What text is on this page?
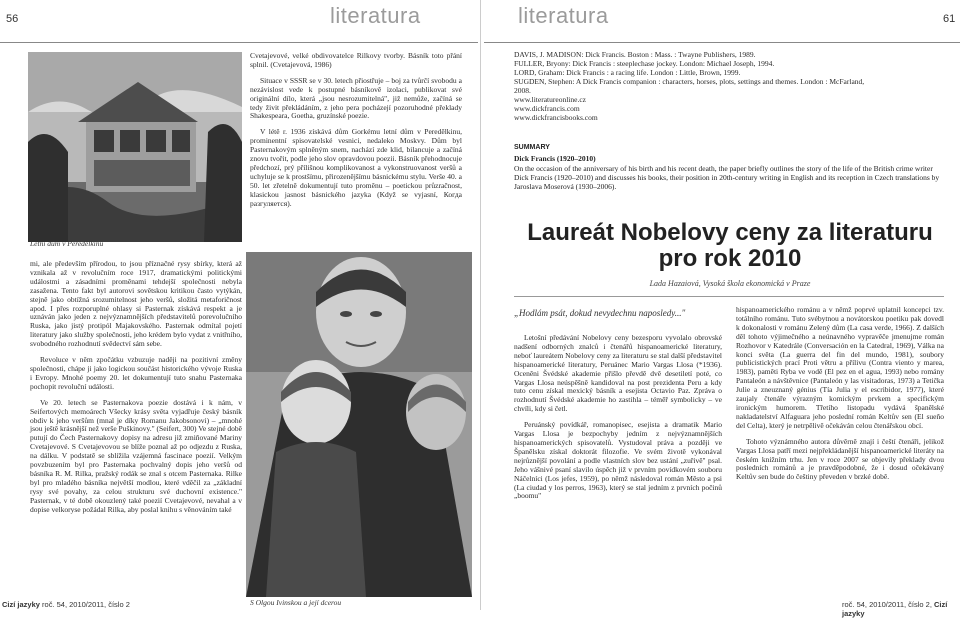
56	literatura	literatura	61
Letní dům v Peredělkinu

mi, ale především přírodou, to jsou příznačné rysy sbírky, která až vznikala až v revolučním roce 1917, dramatickými politickými událostmi a zásadními proměnami tehdejší společnosti nebyla zasažena. Tento fakt byl autorovi sovětskou kritikou často vytýkán, stejně jako obtížná srozumitelnost jeho veršů, složitá metaforičnost apod. I přes rozporuplné ohlasy si Pasternak získává respekt a je uznáván jako jeden z nejvýznamnějších představitelů porevolučního Ruska, jako jistý protipól Majakovského. Pasternak odmítal pojetí literatury jako služby společnosti, jeho krédem bylo vydat z vnitřního, svobodného rozhodnutí svědectví sám sebe.

Revoluce v něm zpočátku vzbuzuje naději na pozitivní změny společnosti, chápe ji jako logickou součást historického vývoje Ruska i Evropy. Mnohé poemy 20. let dokumentují tuto snahu Pasternaka pochopit revoluční události.

Ve 20. letech se Pasternakova poezie dostává i k nám, v Seifertových memoárech Všecky krásy světa vyjadřuje český básník obdiv k jeho veršům (mnal je díky Romanu Jakobsonovi) – „mnohé jsou ještě krásnější než verše Puškinovy." (Seifert, 300) Ve stejné době putují do Čech Pasternakovy dopisy na adresu již zmiňované Mariny Cvetajevové. S Cvetajevovou se blíže poznal až po odjezdu z Ruska, na dálku. V podstatě se sblížila vzájemná fascinace poezií. Velkým povzbuzením byl pro Pasternaka pochvalný dopis jeho veršů od básníka R. M. Rilka, pražský rodák se znal s otcem Pasternaka. Rilke byl pro mladého básníka největší modlou, které vděčil za „základní rysy své povahy, za celou strukturu své duchovní existence." Pasternak, v té době okouzlený také poezií Cvetajevové, nevahal a v dopise velkoryse požádal Rilka, aby poslal knihu s věnováním také

Cvetajevové, velké obdivovatelce Rilkovy tvorby. Básník toto přání splnil. (Cvetajevová, 1986)

Situace v SSSR se v 30. letech přiostřuje – boj za tvůrčí svobodu a nezávislost vede k postupné básníkově izolaci, publikovat své originální dílo, která „jsou nesrozumitelná", již nemůže, začíná se tedy živit překládáním, z jeho pera pocházejí pozoruhodné překlady Shakespeara, Goetha, gruzínské poezie.

V létě r. 1936 získává dům Gorkému letní dům v Peredělkinu, prominentní spisovatelské vesnici, nedaleko Moskvy. Dům byl Pasternakovým splněným snem, nachází zde klid, bilancuje a začíná znovu tvořit, podle jeho slov opravdovou poezii. Básník přehodnocuje předchozí, prý přílišnou komplikovanost a vykonstruovanost veršů a uchyluje se k prostšímu, přirozenějšímu básnickému stylu. Verše 40. a 50. let zřetelně dokumentují tuto proměnu – poetickou průzračnost, klasickou jasnost básnického jazyka (Když se vyjasní, Когда разгуляется).

S Olgou Ivinskou a její dcerou
DAVIS, J. MADISON: Dick Francis. Boston : Mass. : Twayne Publishers, 1989.
FULLER, Bryony: Dick Francis : steeplechase jockey. London: Michael Joseph, 1994.
LORD, Graham: Dick Francis : a racing life. London : Little, Brown, 1999.
SUGDEN, Stephen: A Dick Francis companion : characters, horses, plots, settings and themes. London : McFarland,
2008.
www.literaturеonline.cz
www.dickfrancis.com
www.dickfrancisbooks.com
SUMMARY
Dick Francis (1920–2010)
On the occasion of the anniversary of his birth and his recent death, the paper briefly outlines the story of the life of the British crime writer Dick Francis (1920–2010) and discusses his books, their position in 20th-century writing in English and its reception in Czech translations by Jaroslava Moserová (1930–2006).
Laureát Nobelovy ceny za literaturu
pro rok 2010
Lada Hazaiová, Vysoká škola ekonomická v Praze
„Hodlám psát, dokud nevydechnu naposledy..."

Letošní předávání Nobelovy ceny bezesporu vyvolalo obrovské nadšení odborných znalců i čtenářů hispanoamerické literatury, neboť laureátem Nobelovy ceny za literaturu se stal další představitel hispanoamerické literatury, Peruánec Mario Vargas Llosa (*1936). Oceněni Švédské akademie přišlo převdě dvě desetiletí poté, co Vargas Llosa neúspěšně kandidoval na post prezidenta Peru a kdy tuto cenu získal mexický básník a esejista Octavio Paz. Zpráva o rozhodnutí Švédské akademie ho zastihla – téměř symbolicky – ve chvíli, kdy si četl.

Peruánský povídkář, romanopisec, esejista a dramatik Mario Vargas Llosa je bezpochyby jedním z nejvýznamnějších hispanoamerických spisovatelů. Vystudoval práva a později ve Španělsku získal doktorát filozofie. Ve svém životě vykonával nejrůznější povolání a podle vlastních slov bez ustání „zuřivě" psal. Jeho vášnivé psaní slavilo úspěch již v prvním povídkovém souboru Náčelníci (Los jefes, 1959), po němž následoval román Město a psi (La ciudad y los perros, 1963), který se stal jedním z prvních počinů „boomu"

hispanoamerického románu a v němž poprvé uplatnil koncepci tzv. totálního románu. Tuto svébytnou a novátorskou poetiku pak dovedl k dokonalosti v románu Zelený dům (La casa verde, 1966). Z dalších děl tohoto výjimečného a neúnavného vypravěče jmenujme román Rozhovor v Katedrále (Conversación en la Catedral, 1969), Válka na konci světa (La guerra del fin del mundo, 1981), soubory publicistických prací Proti větru a přílivu (Contra viento y marea, 1983), paměti Ryba ve vodě (El pez en el agua, 1993) nebo romány Pantaleón a návštěvnice (Pantaleón y las visitadoras, 1973) a Tetička Julie a zneuznaný génius (Tía Julia y el escribidor, 1977), které zaujaly čtenáře výrazným komickým prvkem a specifickým ironickým humorem. Třetího listopadu vydává španělské nakladatelství Alfaguara jeho poslední román Keltův sen (El sueño del Celta), který je netrpělivě očekáván celou čtenářskou obcí.

Tohoto význámného autora důvěrně znají i čeští čtenáři, jelikož Vargas Llosa patří mezi nejpřekládanější hispanoamerické literáty na českém knižním trhu. Jen v roce 2007 se objevily překlady dvou posledních románů a je pravděpodobné, že i dosud očekávaný Keltův sen bude do češtiny převeden v brzké době.

Cizí jazyky roč. 54, 2010/2011, číslo 2	roč. 54, 2010/2011, číslo 2, Cizí jazyky
